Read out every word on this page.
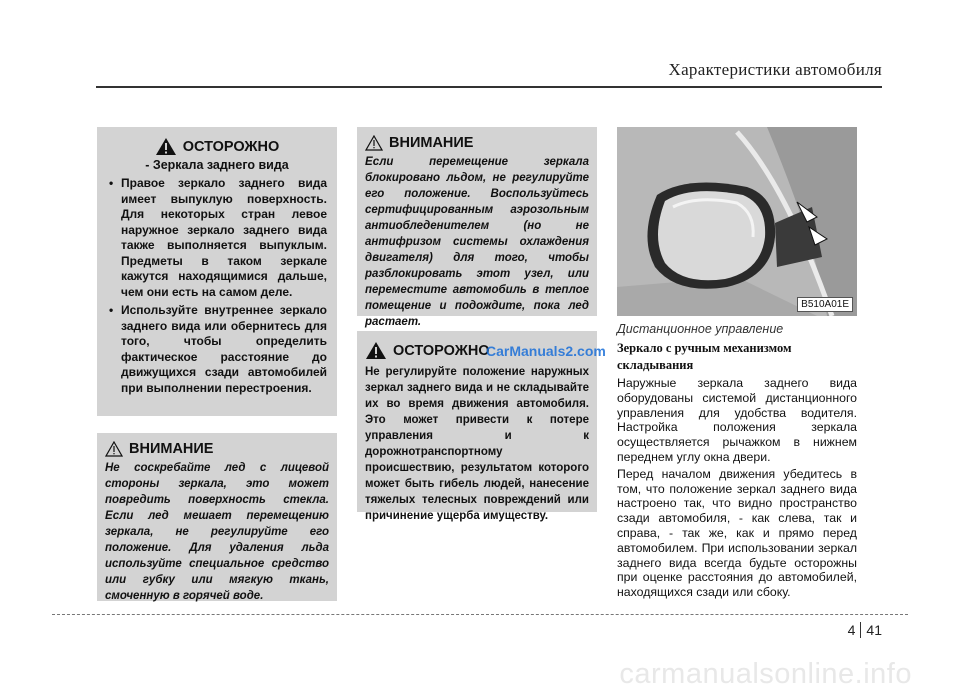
Характеристики автомобиля
ОСТОРОЖНО
- Зеркала заднего вида
• Правое зеркало заднего вида имеет выпуклую поверхность. Для некоторых стран левое наружное зеркало заднего вида также выполняется выпуклым. Предметы в таком зеркале кажутся находящимися дальше, чем они есть на самом деле.
• Используйте внутреннее зеркало заднего вида или обернитесь для того, чтобы определить фактическое расстояние до движущихся сзади автомобилей при выполнении перестроения.
ВНИМАНИЕ
Не соскребайте лед с лицевой стороны зеркала, это может повредить поверхность стекла. Если лед мешает перемещению зеркала, не регулируйте его положение. Для удаления льда используйте специальное средство или губку или мягкую ткань, смоченную в горячей воде.
ВНИМАНИЕ
Если перемещение зеркала блокировано льдом, не регулируйте его положение. Воспользуйтесь сертифицированным аэрозольным антиобледенителем (но не антифризом системы охлаждения двигателя) для того, чтобы разблокировать этот узел, или переместите автомобиль в теплое помещение и подождите, пока лед растает.
ОСТОРОЖНО
Не регулируйте положение наружных зеркал заднего вида и не складывайте их во время движения автомобиля. Это может привести к потере управления и к дорожнотранспортному происшествию, результатом которого может быть гибель людей, нанесение тяжелых телесных повреждений или причинение ущерба имуществу.
CarManuals2.com
B510A01E
Дистанционное управление
Зеркало с ручным механизмом складывания
Наружные зеркала заднего вида оборудованы системой дистанционного управления для удобства водителя. Настройка положения зеркала осуществляется рычажком в нижнем переднем углу окна двери.
Перед началом движения убедитесь в том, что положение зеркал заднего вида настроено так, что видно пространство сзади автомобиля, - как слева, так и справа, - так же, как и прямо перед автомобилем. При использовании зеркал заднего вида всегда будьте осторожны при оценке расстояния до автомобилей, находящихся сзади или сбоку.
4 41
carmanualsonline.info
